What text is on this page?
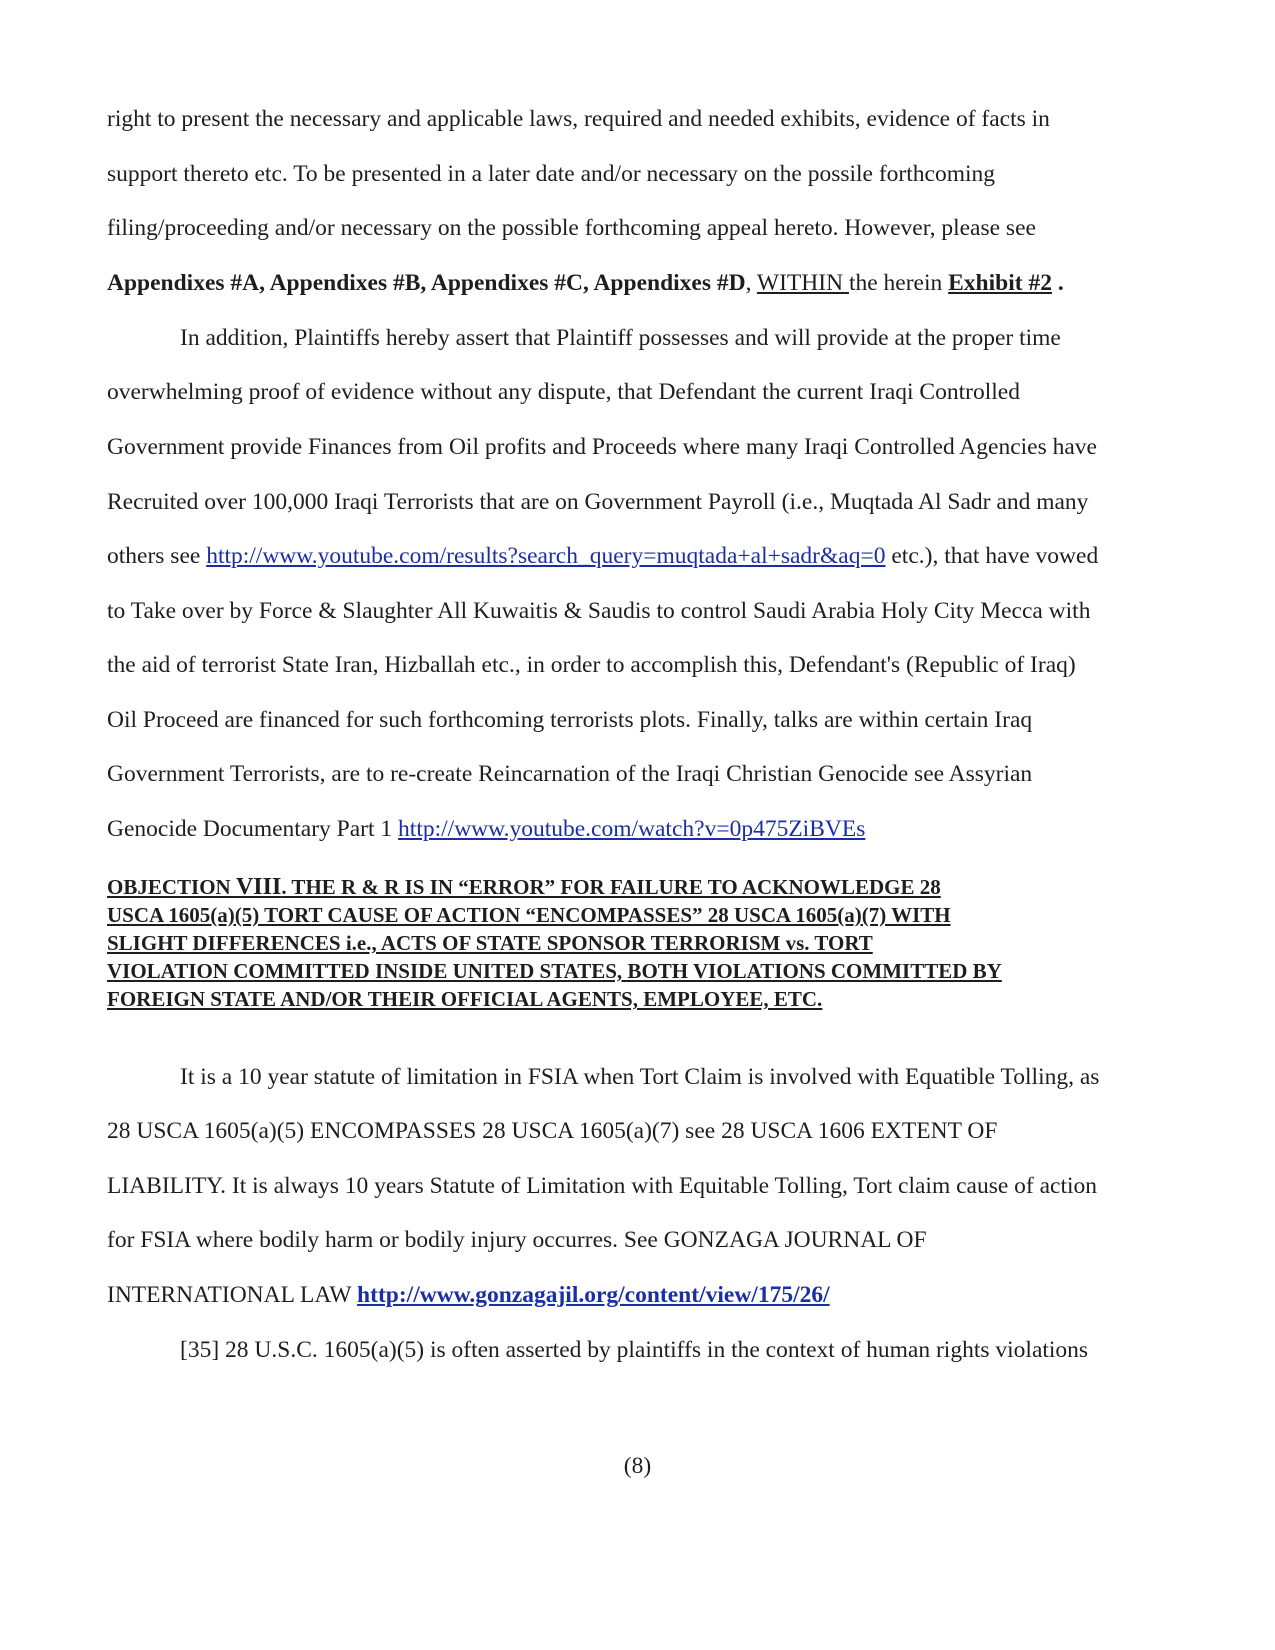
right to present the necessary and applicable laws, required and needed exhibits, evidence of facts in
support thereto etc. To be presented in a later date and/or necessary on the possile forthcoming
filing/proceeding and/or necessary on the possible forthcoming appeal hereto. However, please see
Appendixes #A, Appendixes #B, Appendixes #C, Appendixes #D, WITHIN the herein Exhibit #2 .
In addition, Plaintiffs hereby assert that Plaintiff possesses and will provide at the proper time
overwhelming proof of evidence without any dispute, that Defendant the current Iraqi Controlled
Government provide Finances from Oil profits and Proceeds where many Iraqi Controlled Agencies have
Recruited over 100,000 Iraqi Terrorists that are on Government Payroll (i.e., Muqtada Al Sadr and many
others see http://www.youtube.com/results?search_query=muqtada+al+sadr&aq=0 etc.), that have vowed
to Take over by Force & Slaughter All Kuwaitis & Saudis to control Saudi Arabia Holy City Mecca with
the aid of terrorist State Iran, Hizballah etc., in order to accomplish this, Defendant's (Republic of Iraq)
Oil Proceed are financed for such forthcoming terrorists plots. Finally, talks are within certain Iraq
Government Terrorists, are to re-create Reincarnation of the Iraqi Christian Genocide see Assyrian
Genocide Documentary Part 1 http://www.youtube.com/watch?v=0p475ZiBVEs
OBJECTION VIII. THE R & R IS IN “ERROR” FOR FAILURE TO ACKNOWLEDGE 28
USCA 1605(a)(5) TORT CAUSE OF ACTION “ENCOMPASSES” 28 USCA 1605(a)(7) WITH
SLIGHT DIFFERENCES i.e., ACTS OF STATE SPONSOR TERRORISM vs. TORT
VIOLATION COMMITTED INSIDE UNITED STATES, BOTH VIOLATIONS COMMITTED BY
FOREIGN STATE AND/OR THEIR OFFICIAL AGENTS, EMPLOYEE, ETC.
It is a 10 year statute of limitation in FSIA when Tort Claim is involved with Equatible Tolling, as
28 USCA 1605(a)(5) ENCOMPASSES 28 USCA 1605(a)(7) see 28 USCA 1606 EXTENT OF
LIABILITY. It is always 10 years Statute of Limitation with Equitable Tolling, Tort claim cause of action
for FSIA where bodily harm or bodily injury occurres. See GONZAGA JOURNAL OF
INTERNATIONAL LAW http://www.gonzagajil.org/content/view/175/26/
[35] 28 U.S.C. 1605(a)(5) is often asserted by plaintiffs in the context of human rights violations
(8)
